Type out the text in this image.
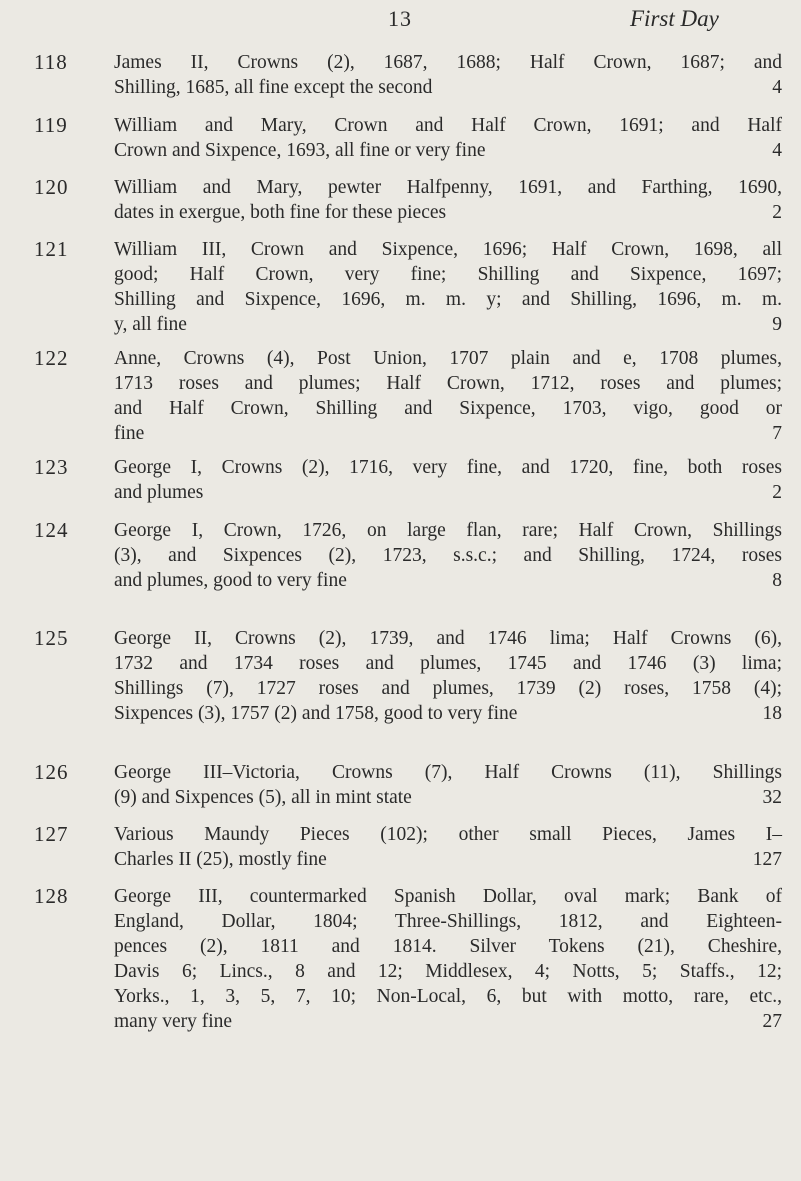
13	First Day
118 James II, Crowns (2), 1687, 1688; Half Crown, 1687; and
Shilling, 1685, all fine except the second	4
119 William and Mary, Crown and Half Crown, 1691; and Half
Crown and Sixpence, 1693, all fine or very fine	4
120 William and Mary, pewter Halfpenny, 1691, and Farthing, 1690,
dates in exergue, both fine for these pieces	2
121 William III, Crown and Sixpence, 1696; Half Crown, 1698, all
good; Half Crown, very fine; Shilling and Sixpence, 1697;
Shilling and Sixpence, 1696, m. m. y; and Shilling, 1696, m. m.
y, all fine	9
122 Anne, Crowns (4), Post Union, 1707 plain and e, 1708 plumes,
1713 roses and plumes; Half Crown, 1712, roses and plumes;
and Half Crown, Shilling and Sixpence, 1703, vigo, good or
fine	7
123 George I, Crowns (2), 1716, very fine, and 1720, fine, both roses
and plumes	2
124 George I, Crown, 1726, on large flan, rare; Half Crown, Shillings
(3), and Sixpences (2), 1723, s.s.c.; and Shilling, 1724, roses
and plumes, good to very fine	8
125 George II, Crowns (2), 1739, and 1746 lima; Half Crowns (6),
1732 and 1734 roses and plumes, 1745 and 1746 (3) lima;
Shillings (7), 1727 roses and plumes, 1739 (2) roses, 1758 (4);
Sixpences (3), 1757 (2) and 1758, good to very fine	18
126 George III–Victoria, Crowns (7), Half Crowns (11), Shillings
(9) and Sixpences (5), all in mint state	32
127 Various Maundy Pieces (102); other small Pieces, James I–
Charles II (25), mostly fine	127
128 George III, countermarked Spanish Dollar, oval mark; Bank of
England, Dollar, 1804; Three-Shillings, 1812, and Eighteen-
pences (2), 1811 and 1814. Silver Tokens (21), Cheshire,
Davis 6; Lincs., 8 and 12; Middlesex, 4; Notts, 5; Staffs., 12;
Yorks., 1, 3, 5, 7, 10; Non-Local, 6, but with motto, rare, etc.,
many very fine	27
